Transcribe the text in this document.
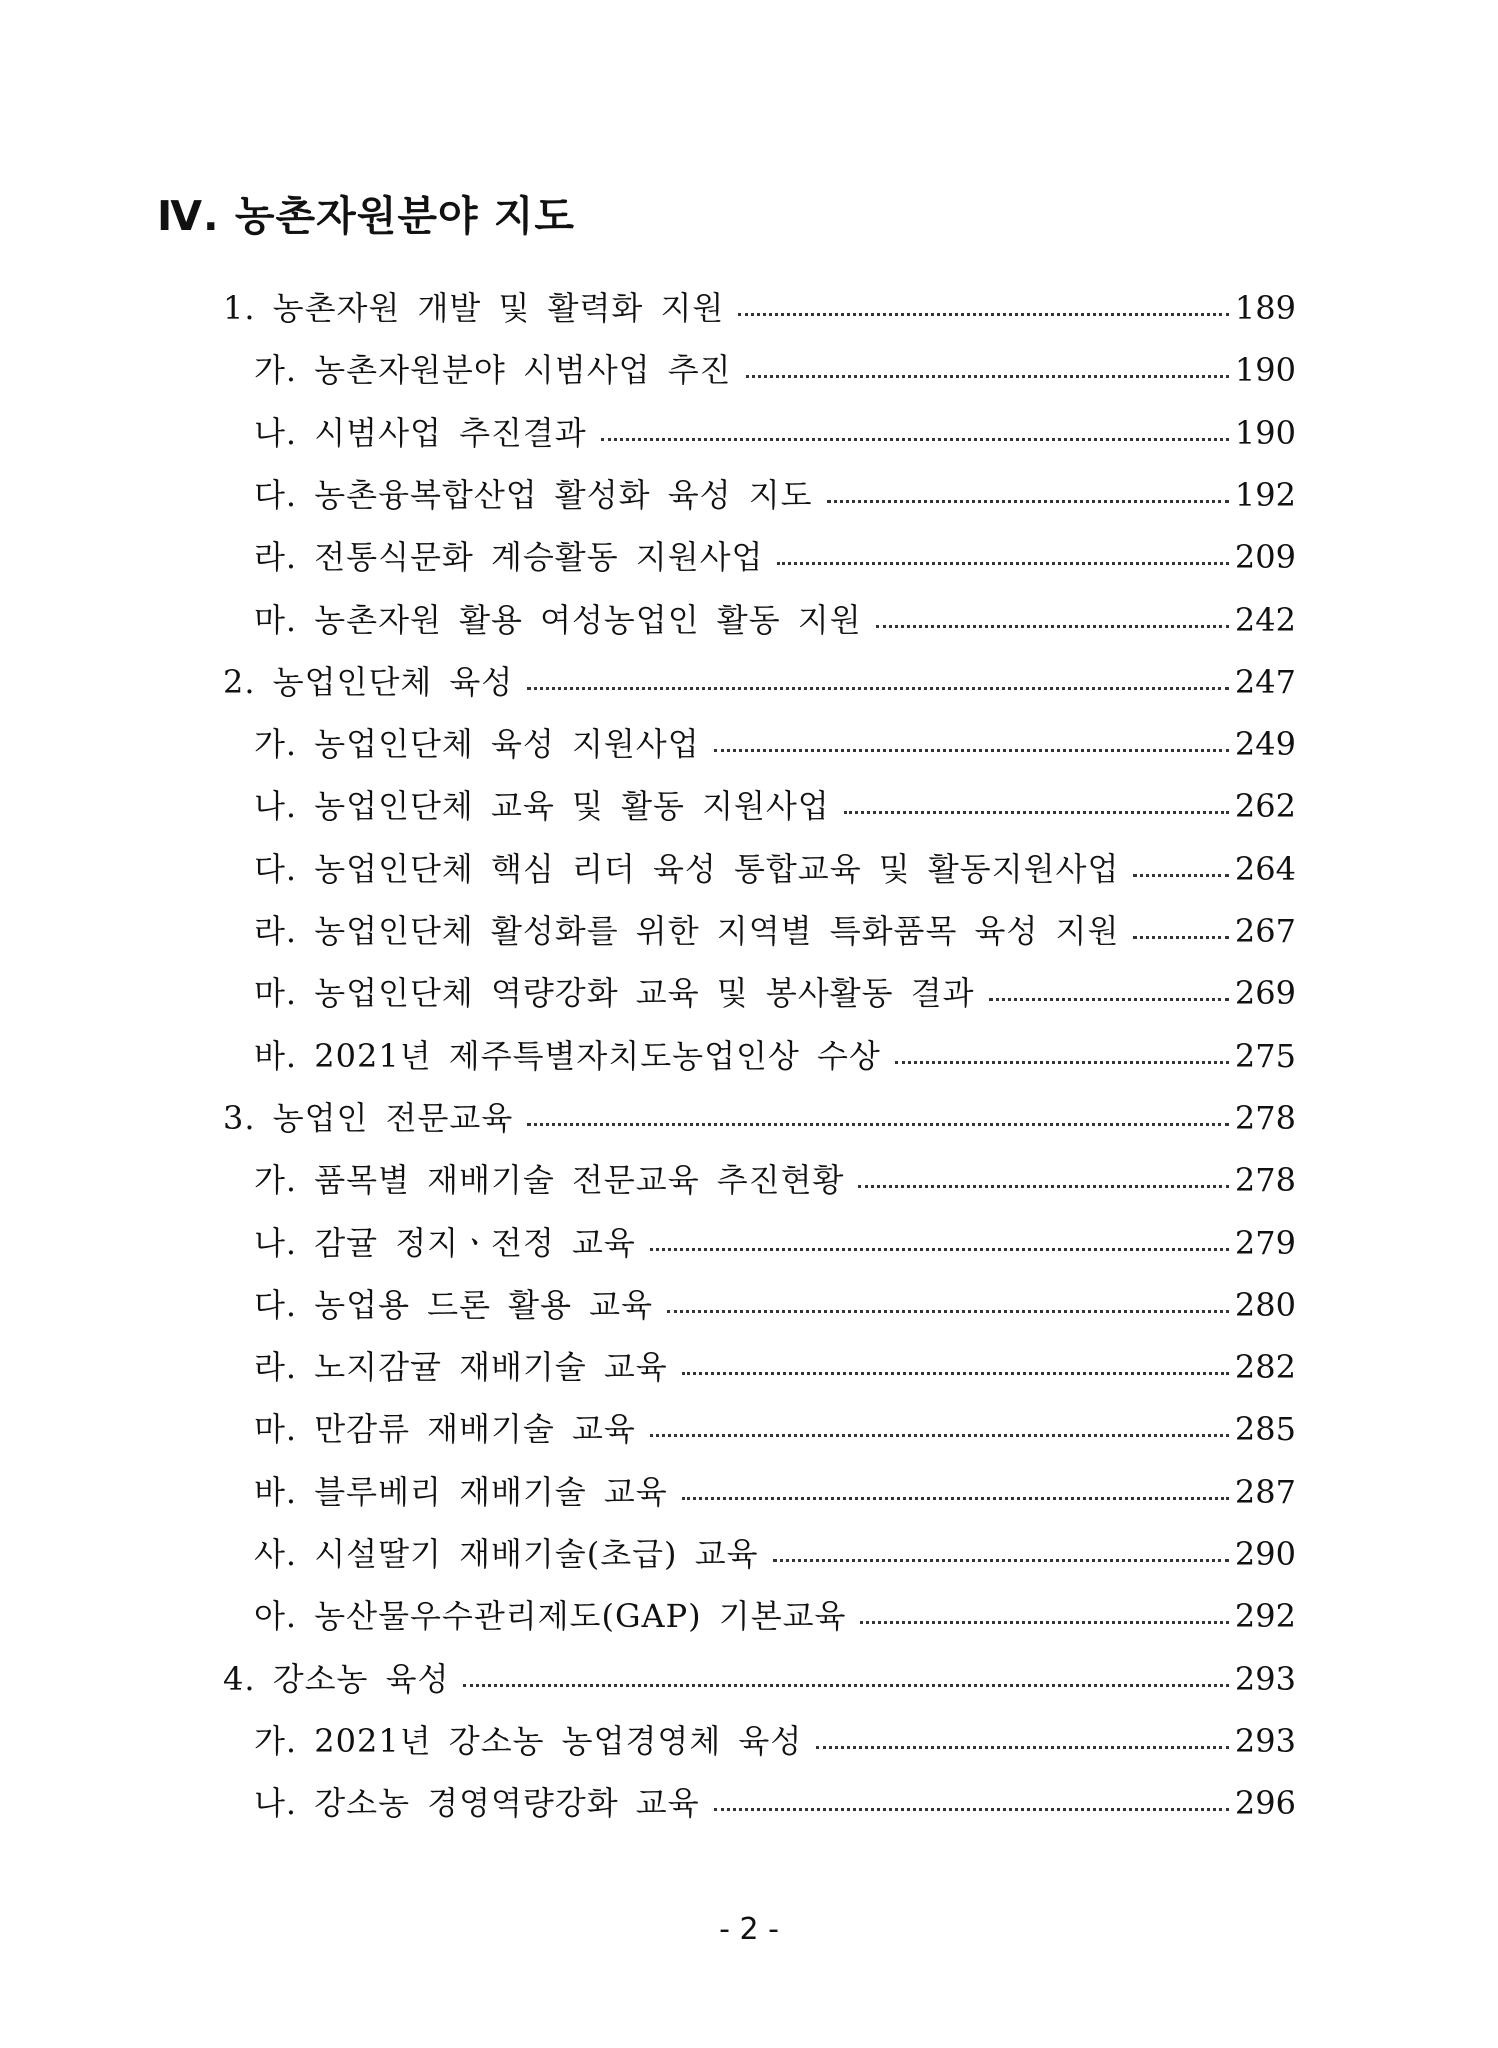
Ⅳ. 농촌자원분야 지도
1. 농촌자원 개발 및 활력화 지원	189
가. 농촌자원분야 시범사업 추진	190
나. 시범사업 추진결과	190
다. 농촌융복합산업 활성화 육성 지도	192
라. 전통식문화 계승활동 지원사업	209
마. 농촌자원 활용 여성농업인 활동 지원	242
2. 농업인단체 육성	247
가. 농업인단체 육성 지원사업	249
나. 농업인단체 교육 및 활동 지원사업	262
다. 농업인단체 핵심 리더 육성 통합교육 및 활동지원사업	264
라. 농업인단체 활성화를 위한 지역별 특화품목 육성 지원	267
마. 농업인단체 역량강화 교육 및 봉사활동 결과	269
바. 2021년 제주특별자치도농업인상 수상	275
3. 농업인 전문교육	278
가. 품목별 재배기술 전문교육 추진현황	278
나. 감귤 정지ㆍ전정 교육	279
다. 농업용 드론 활용 교육	280
라. 노지감귤 재배기술 교육	282
마. 만감류 재배기술 교육	285
바. 블루베리 재배기술 교육	287
사. 시설딸기 재배기술(초급) 교육	290
아. 농산물우수관리제도(GAP) 기본교육	292
4. 강소농 육성	293
가. 2021년 강소농 농업경영체 육성	293
나. 강소농 경영역량강화 교육	296
- 2 -
